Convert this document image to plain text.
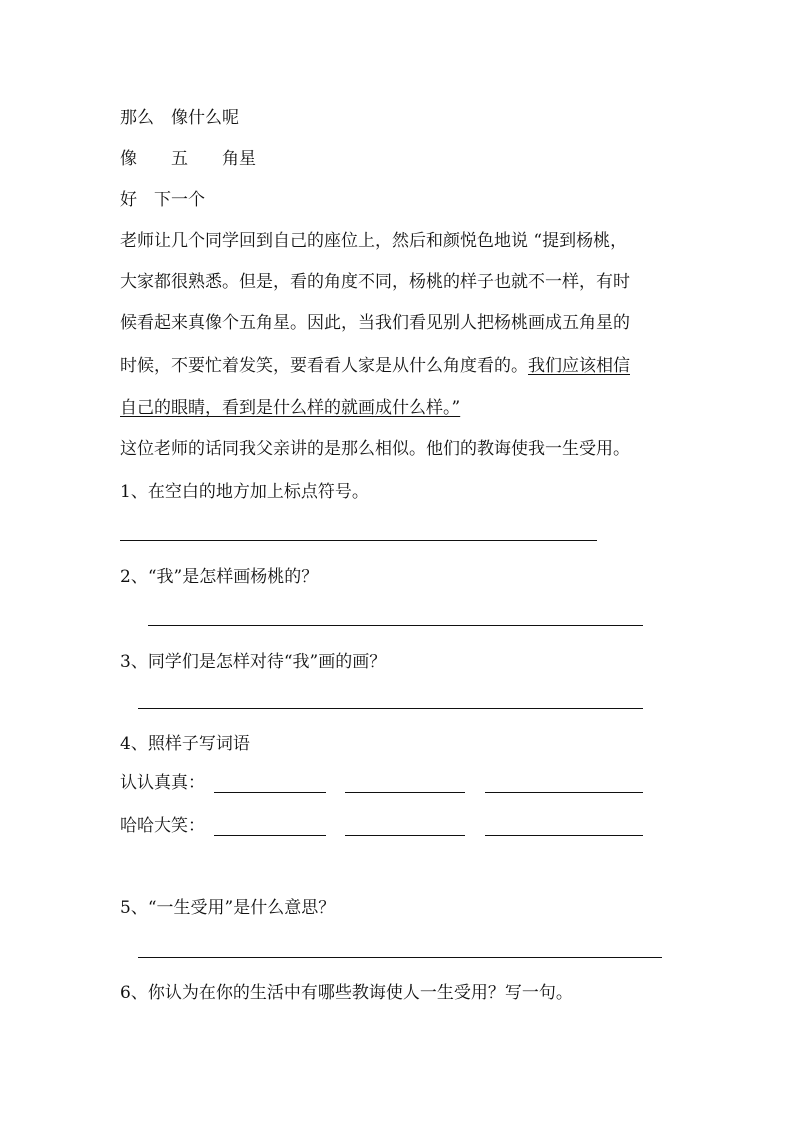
那么　像什么呢
像　　五　　角星
好　下一个
老师让几个同学回到自己的座位上，然后和颜悦色地说 “提到杨桃，
大家都很熟悉。但是，看的角度不同，杨桃的样子也就不一样，有时
候看起来真像个五角星。因此，当我们看见别人把杨桃画成五角星的
时候，不要忙着发笑，要看看人家是从什么角度看的。我们应该相信
自己的眼睛，看到是什么样的就画成什么样。”
这位老师的话同我父亲讲的是那么相似。他们的教诲使我一生受用。
1、在空白的地方加上标点符号。
2、“我”是怎样画杨桃的？
3、同学们是怎样对待“我”画的画？
4、照样子写词语
认认真真：
哈哈大笑：
5、“一生受用”是什么意思？
6、你认为在你的生活中有哪些教诲使人一生受用？写一句。
